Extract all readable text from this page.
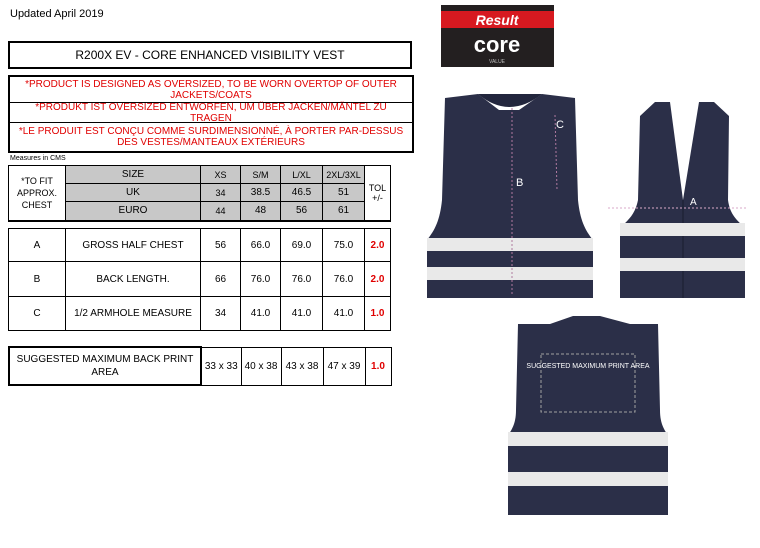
Updated April 2019	Result
core
VALUE
R200X EV - CORE ENHANCED VISIBILITY VEST
*PRODUCT IS DESIGNED AS OVERSIZED, TO BE WORN OVERTOP OF OUTER JACKETS/COATS
*PRODUKT IST OVERSIZED ENTWORFEN, UM ÜBER JACKEN/MÄNTEL ZU TRAGEN
*LE PRODUIT EST CONÇU COMME SURDIMENSIONNÉ, À PORTER PAR-DESSUS DES VESTES/MANTEAUX EXTÉRIEURS
Measures in CMS
*TO FIT APPROX. CHEST	SIZE	XS	S/M	L/XL	2XL/3XL	TOL +/-
	UK	34	38.5	46.5	51	
	EURO	44	48	56	61	

A	GROSS HALF CHEST	56	66.0	69.0	75.0	2.0
B	BACK LENGTH.	66	76.0	76.0	76.0	2.0
C	1/2 ARMHOLE MEASURE	34	41.0	41.0	41.0	1.0
SUGGESTED MAXIMUM BACK PRINT AREA	33 x 33	40 x 38	43 x 38	47 x 39	1.0
B
C
A
SUGGESTED MAXIMUM PRINT AREA
